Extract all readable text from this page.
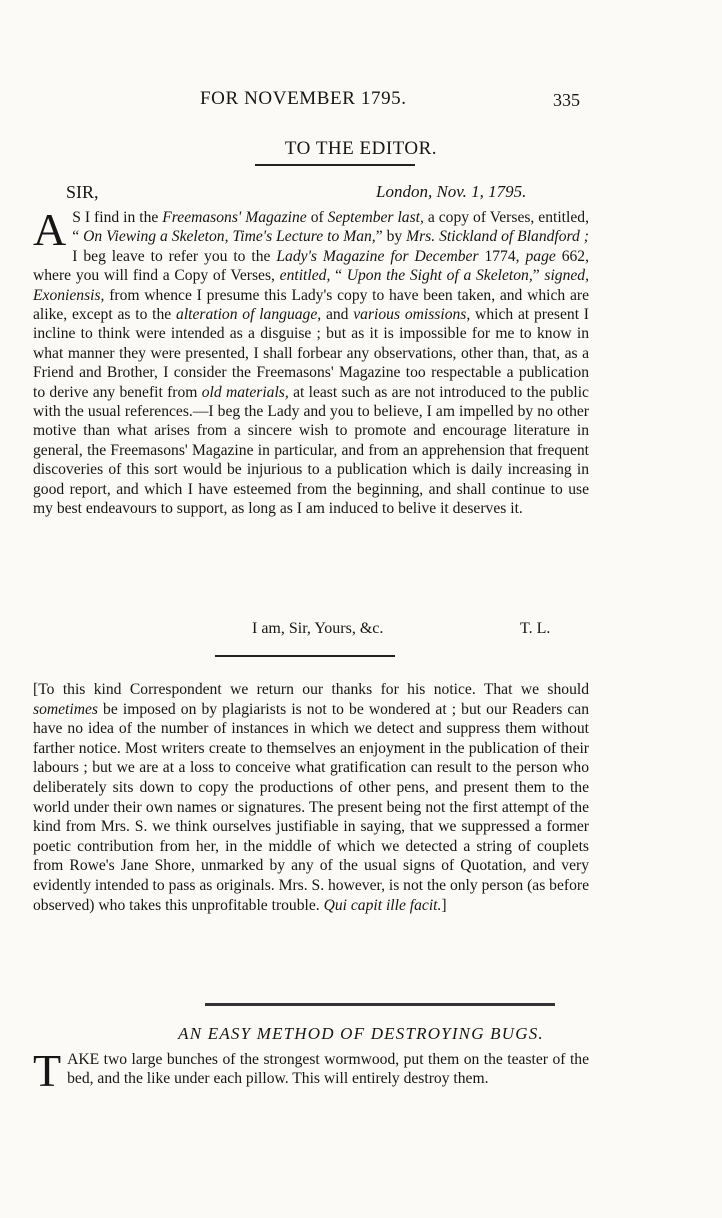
FOR NOVEMBER 1795.	335
TO THE EDITOR.
SIR,	London, Nov. 1, 1795.
A S I find in the Freemasons' Magazine of September last, a copy of Verses, entitled, “ On Viewing a Skeleton, Time's Lecture to Man,” by Mrs. Stickland of Blandford ; I beg leave to refer you to the Lady's Magazine for December 1774, page 662, where you will find a Copy of Verses, entitled, “ Upon the Sight of a Skeleton,” signed, Exoniensis, from whence I presume this Lady's copy to have been taken, and which are alike, except as to the alteration of language, and various omissions, which at present I incline to think were intended as a disguise ; but as it is impossible for me to know in what manner they were presented, I shall forbear any observations, other than, that, as a Friend and Brother, I consider the Freemasons' Magazine too respectable a publication to derive any benefit from old materials, at least such as are not introduced to the public with the usual references.—I beg the Lady and you to believe, I am impelled by no other motive than what arises from a sincere wish to promote and encourage literature in general, the Freemasons' Magazine in particular, and from an apprehension that frequent discoveries of this sort would be injurious to a publication which is daily increasing in good report, and which I have esteemed from the beginning, and shall continue to use my best endeavours to support, as long as I am induced to belive it deserves it.
I am, Sir, Yours, &c.	T. L.
[To this kind Correspondent we return our thanks for his notice. That we should sometimes be imposed on by plagiarists is not to be wondered at ; but our Readers can have no idea of the number of instances in which we detect and suppress them without farther notice. Most writers create to themselves an enjoyment in the publication of their labours ; but we are at a loss to conceive what gratification can result to the person who deliberately sits down to copy the productions of other pens, and present them to the world under their own names or signatures. The present being not the first attempt of the kind from Mrs. S. we think ourselves justifiable in saying, that we suppressed a former poetic contribution from her, in the middle of which we detected a string of couplets from Rowe's Jane Shore, unmarked by any of the usual signs of Quotation, and very evidently intended to pass as originals. Mrs. S. however, is not the only person (as before observed) who takes this unprofitable trouble. Qui capit ille facit.]
AN EASY METHOD OF DESTROYING BUGS.
TAKE two large bunches of the strongest wormwood, put them on the teaster of the bed, and the like under each pillow. This will entirely destroy them.
